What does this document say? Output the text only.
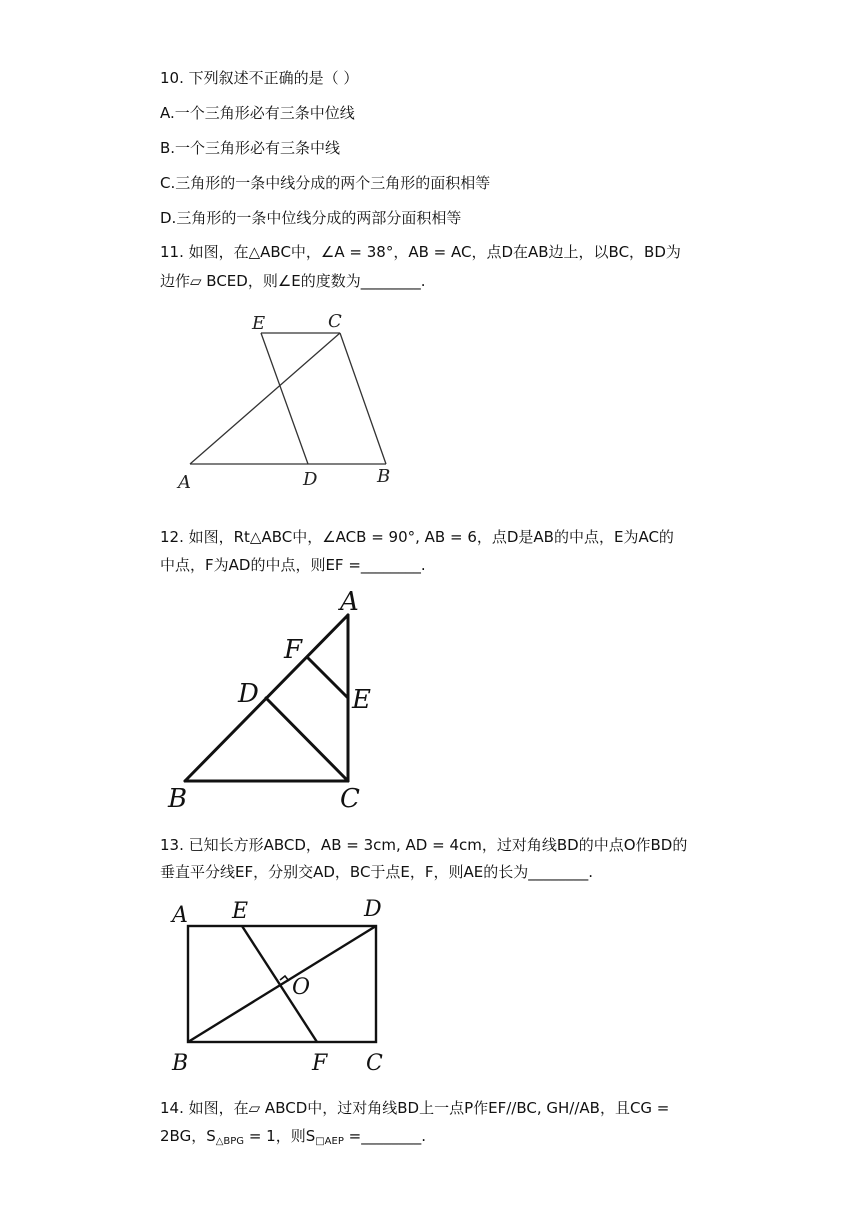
10. 下列叙述不正确的是（ ）
A.一个三角形必有三条中位线
B.一个三角形必有三条中线
C.三角形的一条中线分成的两个三角形的面积相等
D.三角形的一条中位线分成的两部分面积相等
11. 如图，在△ABC中，∠A = 38°，AB = AC，点D在AB边上，以BC，BD为
边作▱ BCED，则∠E的度数为________.
E	C
A	D	B
12. 如图，Rt△ABC中，∠ACB = 90°, AB = 6，点D是AB的中点，E为AC的
中点，F为AD的中点，则EF =________.
A
F
D	E
B	C
13. 已知长方形ABCD，AB = 3cm, AD = 4cm，过对角线BD的中点O作BD的
垂直平分线EF，分别交AD，BC于点E，F，则AE的长为________.
A E	D
O
B	F C
14. 如图，在▱ ABCD中，过对角线BD上一点P作EF//BC, GH//AB，且CG =
2BG，$S_{\triangle BPG} = 1$，则$S_{□AEP}$ =________.
